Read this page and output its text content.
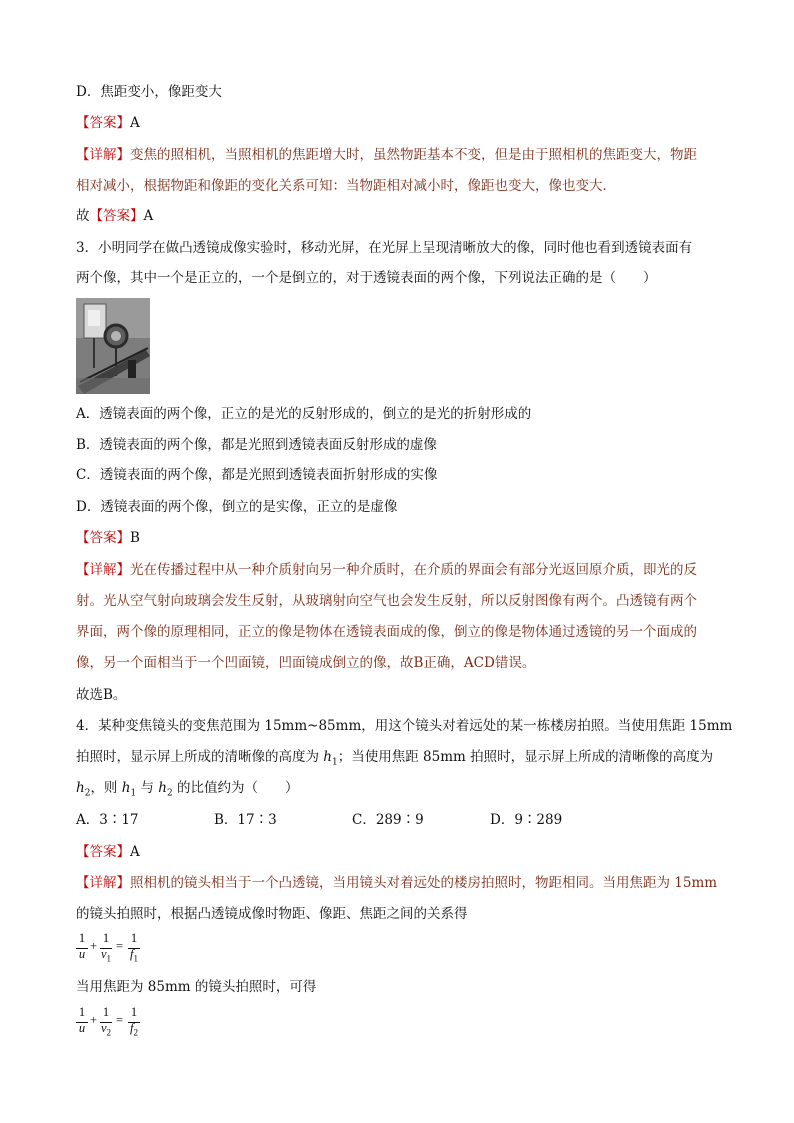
D．焦距变小，像距变大
【答案】A
【详解】变焦的照相机，当照相机的焦距增大时，虽然物距基本不变，但是由于照相机的焦距变大，物距
相对减小，根据物距和像距的变化关系可知：当物距相对减小时，像距也变大，像也变大．
故【答案】A
3．小明同学在做凸透镜成像实验时，移动光屏，在光屏上呈现清晰放大的像，同时他也看到透镜表面有
两个像，其中一个是正立的，一个是倒立的，对于透镜表面的两个像，下列说法正确的是（　　）
A．透镜表面的两个像，正立的是光的反射形成的，倒立的是光的折射形成的
B．透镜表面的两个像，都是光照到透镜表面反射形成的虚像
C．透镜表面的两个像，都是光照到透镜表面折射形成的实像
D．透镜表面的两个像，倒立的是实像，正立的是虚像
【答案】B
【详解】光在传播过程中从一种介质射向另一种介质时，在介质的界面会有部分光返回原介质，即光的反
射。光从空气射向玻璃会发生反射，从玻璃射向空气也会发生反射，所以反射图像有两个。凸透镜有两个
界面，两个像的原理相同，正立的像是物体在透镜表面成的像，倒立的像是物体通过透镜的另一个面成的
像，另一个面相当于一个凹面镜，凹面镜成倒立的像，故B正确，ACD错误。
故选B。
4．某种变焦镜头的变焦范围为 15mm~85mm，用这个镜头对着远处的某一栋楼房拍照。当使用焦距 15mm
拍照时，显示屏上所成的清晰像的高度为 $h_1$；当使用焦距 85mm 拍照时，显示屏上所成的清晰像的高度为
$h_2$，则 $h_1$ 与 $h_2$ 的比值约为（　　）
A．3∶17	B．17∶3	C．289∶9	D．9∶289
【答案】A
【详解】照相机的镜头相当于一个凸透镜，当用镜头对着远处的楼房拍照时，物距相同。当用焦距为 15mm
的镜头拍照时，根据凸透镜成像时物距、像距、焦距之间的关系得
1
u
+
1
$v_1$
=
1
$f_1$
当用焦距为 85mm 的镜头拍照时，可得
1
u
+
1
$v_2$
=
1
$f_2$
